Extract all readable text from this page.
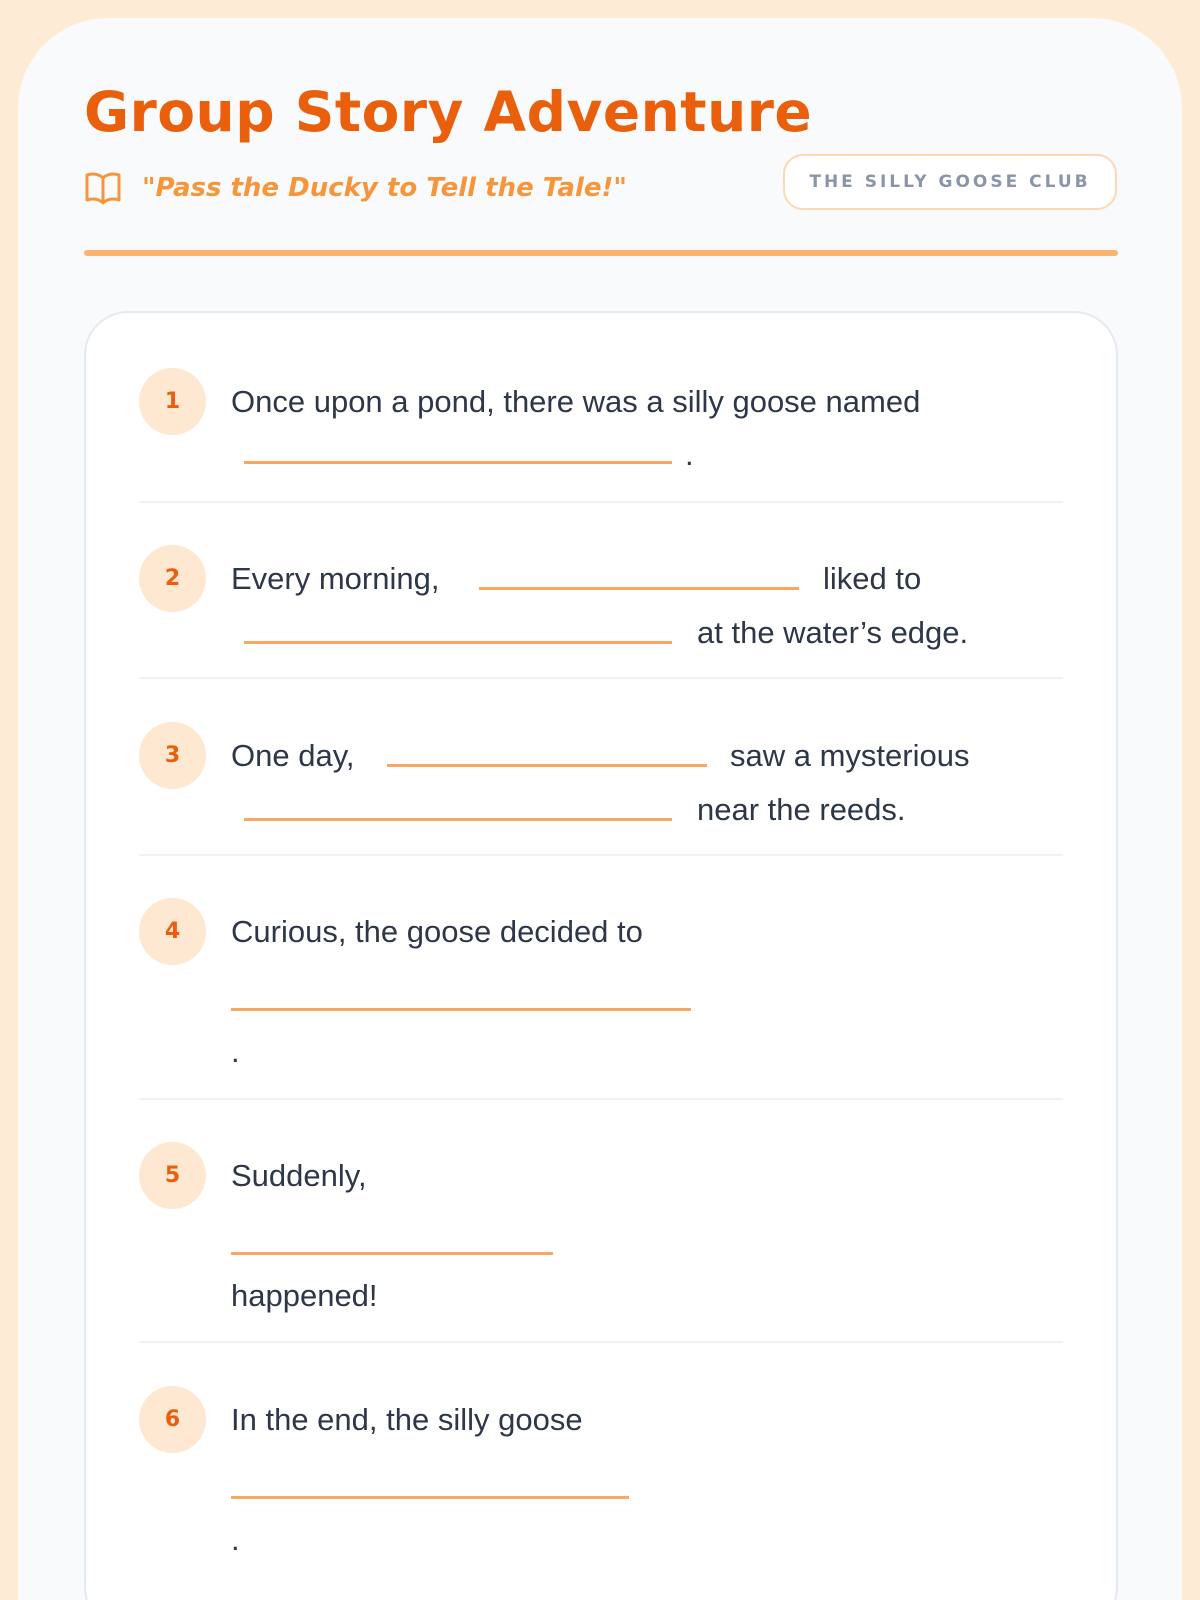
Group Story Adventure
"Pass the Ducky to Tell the Tale!"	THE SILLY GOOSE CLUB
1	Once upon a pond, there was a silly goose named
.
2	Every morning,	liked to
at the water’s edge.
3	One day,	saw a mysterious
near the reeds.
4	Curious, the goose decided to
.
5	Suddenly,
happened!
6	In the end, the silly goose
.
